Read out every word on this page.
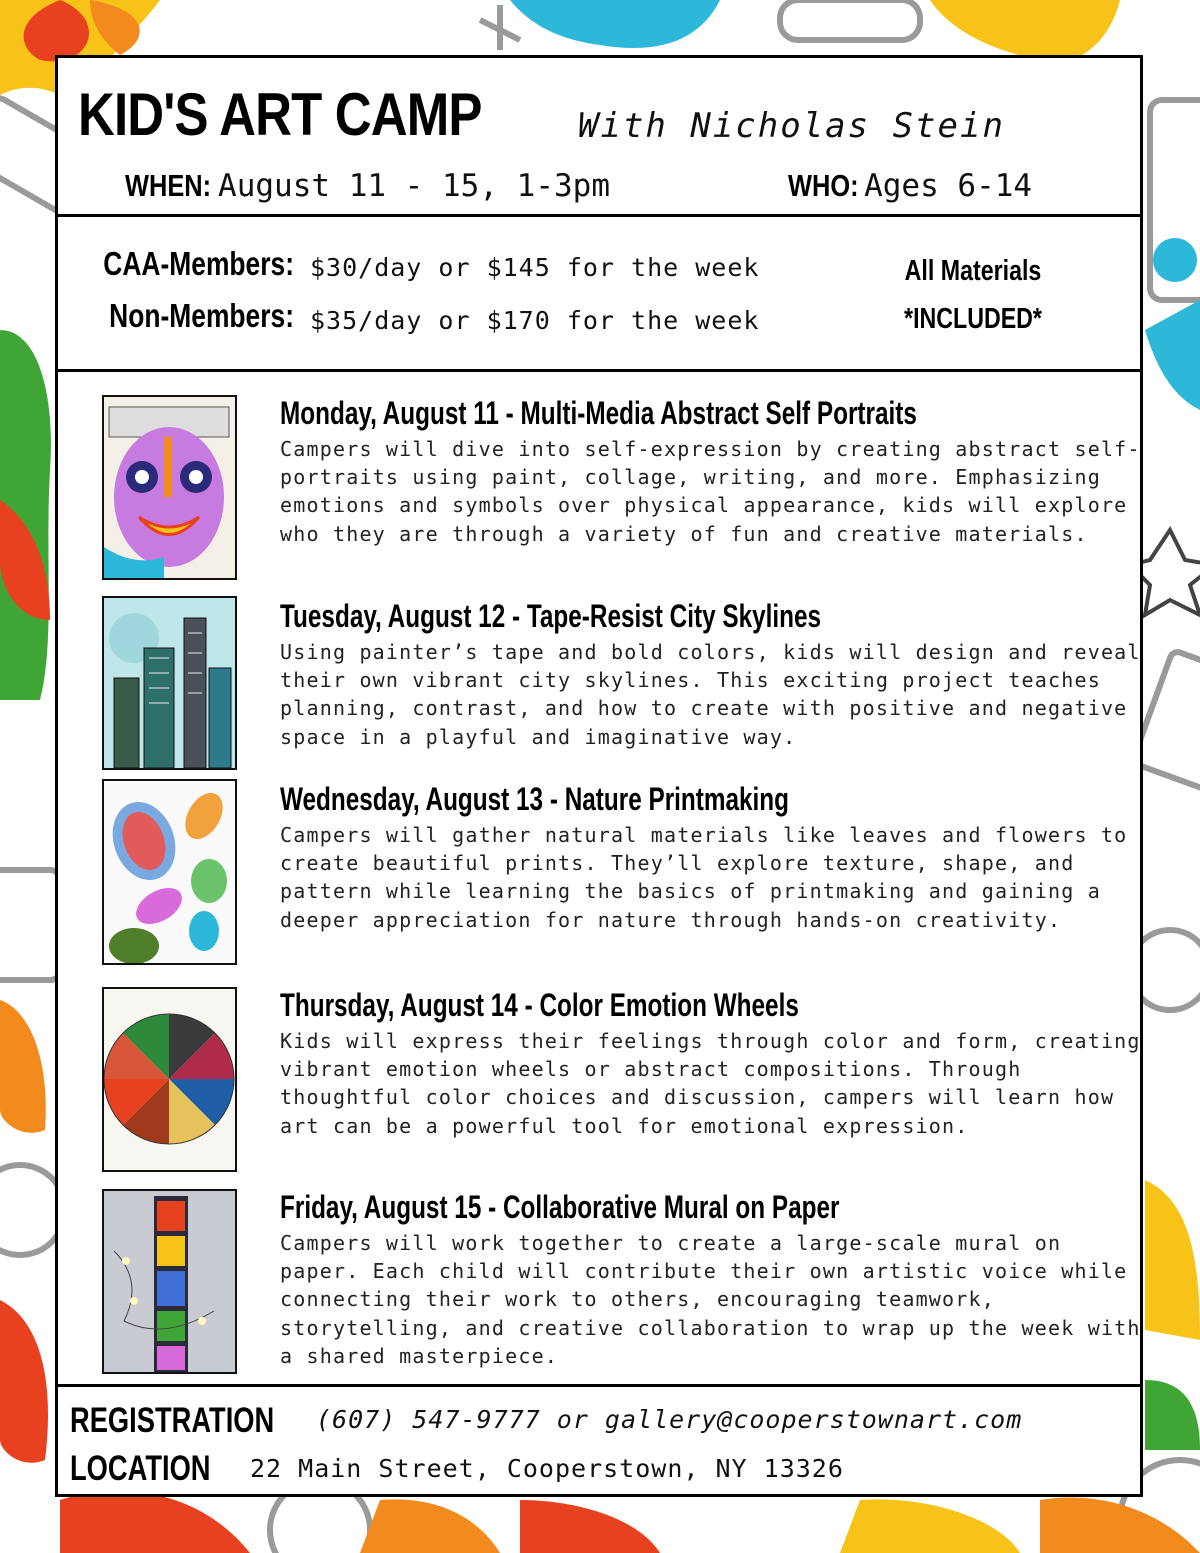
KID'S ART CAMP	With Nicholas Stein
WHEN: August 11 - 15, 1-3pm	WHO: Ages 6-14
CAA-Members: $30/day or $145 for the week
Non-Members: $35/day or $170 for the week
All Materials
*INCLUDED*
Monday, August 11 - Multi-Media Abstract Self Portraits
Campers will dive into self-expression by creating abstract self-portraits using paint, collage, writing, and more. Emphasizing emotions and symbols over physical appearance, kids will explore who they are through a variety of fun and creative materials.
Tuesday, August 12 - Tape-Resist City Skylines
Using painter’s tape and bold colors, kids will design and reveal their own vibrant city skylines. This exciting project teaches planning, contrast, and how to create with positive and negative space in a playful and imaginative way.
Wednesday, August 13 - Nature Printmaking
Campers will gather natural materials like leaves and flowers to create beautiful prints. They’ll explore texture, shape, and pattern while learning the basics of printmaking and gaining a deeper appreciation for nature through hands-on creativity.
Thursday, August 14 - Color Emotion Wheels
Kids will express their feelings through color and form, creating vibrant emotion wheels or abstract compositions. Through thoughtful color choices and discussion, campers will learn how art can be a powerful tool for emotional expression.
Friday, August 15 - Collaborative Mural on Paper
Campers will work together to create a large-scale mural on paper. Each child will contribute their own artistic voice while connecting their work to others, encouraging teamwork, storytelling, and creative collaboration to wrap up the week with a shared masterpiece.
REGISTRATION (607) 547-9777 or gallery@cooperstownart.com
LOCATION 22 Main Street, Cooperstown, NY 13326
